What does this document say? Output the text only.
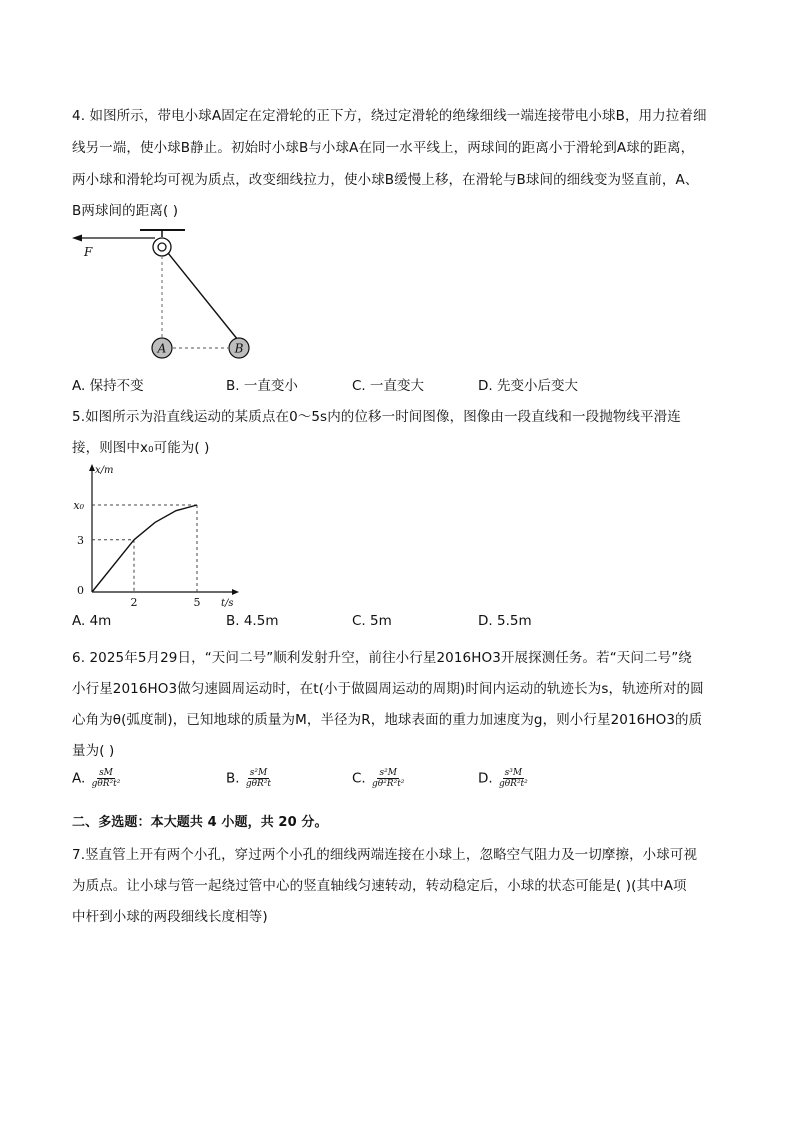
4. 如图所示，带电小球A固定在定滑轮的正下方，绕过定滑轮的绝缘细线一端连接带电小球B，用力拉着细
线另一端，使小球B静止。初始时小球B与小球A在同一水平线上，两球间的距离小于滑轮到A球的距离，
两小球和滑轮均可视为质点，改变细线拉力，使小球B缓慢上移，在滑轮与B球间的细线变为竖直前，A、
B两球间的距离( )
F
A	B
A. 保持不变	B. 一直变小	C. 一直变大	D. 先变小后变大
5.如图所示为沿直线运动的某质点在0～5s内的位移一时间图像，图像由一段直线和一段抛物线平滑连
接，则图中x₀可能为( )
x/m
t/s
0
2	5
3
x₀
A. 4m	B. 4.5m	C. 5m	D. 5.5m
6. 2025年5月29日，“天问二号”顺利发射升空，前往小行星2016HO3开展探测任务。若“天问二号”绕
小行星2016HO3做匀速圆周运动时，在t(小于做圆周运动的周期)时间内运动的轨迹长为s，轨迹所对的圆
心角为θ(弧度制)，已知地球的质量为M，半径为R，地球表面的重力加速度为g，则小行星2016HO3的质
量为( )
A. $\frac{sM}{\text{gθR²t²}}$	B. $\frac{\text{s²M}}{\text{gθR²t}}$	C. $\frac{\text{s²M}}{\text{gθ²R²t²}}$	D. $\frac{\text{s³M}}{\text{gθR²t²}}$
二、多选题：本大题共 4 小题，共 20 分。
7.竖直管上开有两个小孔，穿过两个小孔的细线两端连接在小球上，忽略空气阻力及一切摩擦，小球可视
为质点。让小球与管一起绕过管中心的竖直轴线匀速转动，转动稳定后，小球的状态可能是( )(其中A项
中杆到小球的两段细线长度相等)
